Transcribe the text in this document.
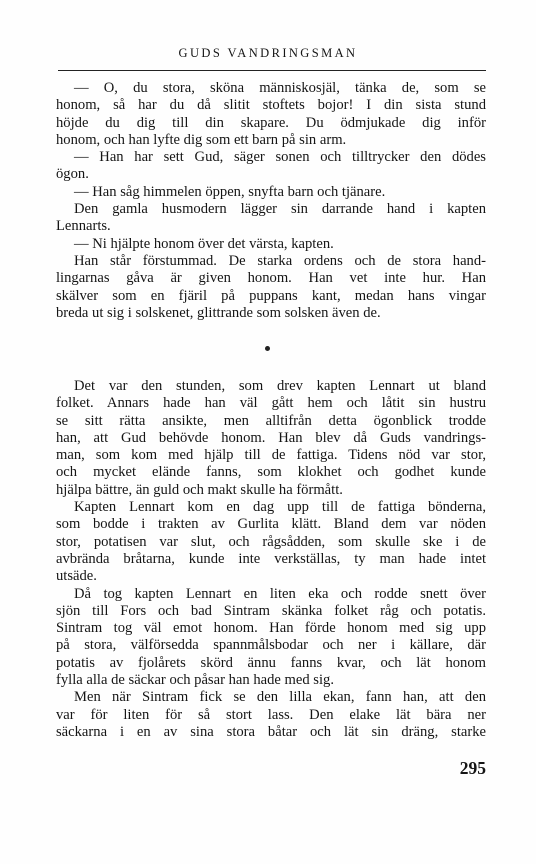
GUDS VANDRINGSMAN
— O, du stora, sköna människosjäl, tänka de, som se
honom, så har du då slitit stoftets bojor! I din sista stund
höjde du dig till din skapare. Du ödmjukade dig inför
honom, och han lyfte dig som ett barn på sin arm.
— Han har sett Gud, säger sonen och tilltrycker den dödes
ögon.
— Han såg himmelen öppen, snyfta barn och tjänare.
Den gamla husmodern lägger sin darrande hand i kapten
Lennarts.
— Ni hjälpte honom över det värsta, kapten.
Han står förstummad. De starka ordens och de stora hand-
lingarnas gåva är given honom. Han vet inte hur. Han
skälver som en fjäril på puppans kant, medan hans vingar
breda ut sig i solskenet, glittrande som solsken även de.
Det var den stunden, som drev kapten Lennart ut bland
folket. Annars hade han väl gått hem och låtit sin hustru
se sitt rätta ansikte, men alltifrån detta ögonblick trodde
han, att Gud behövde honom. Han blev då Guds vandrings-
man, som kom med hjälp till de fattiga. Tidens nöd var stor,
och mycket elände fanns, som klokhet och godhet kunde
hjälpa bättre, än guld och makt skulle ha förmått.
Kapten Lennart kom en dag upp till de fattiga bönderna,
som bodde i trakten av Gurlita klätt. Bland dem var nöden
stor, potatisen var slut, och rågsådden, som skulle ske i de
avbrända bråtarna, kunde inte verkställas, ty man hade intet
utsäde.
Då tog kapten Lennart en liten eka och rodde snett över
sjön till Fors och bad Sintram skänka folket råg och potatis.
Sintram tog väl emot honom. Han förde honom med sig upp
på stora, välförsedda spannmålsbodar och ner i källare, där
potatis av fjolårets skörd ännu fanns kvar, och lät honom
fylla alla de säckar och påsar han hade med sig.
Men när Sintram fick se den lilla ekan, fann han, att den
var för liten för så stort lass. Den elake lät bära ner
säckarna i en av sina stora båtar och lät sin dräng, starke
295
